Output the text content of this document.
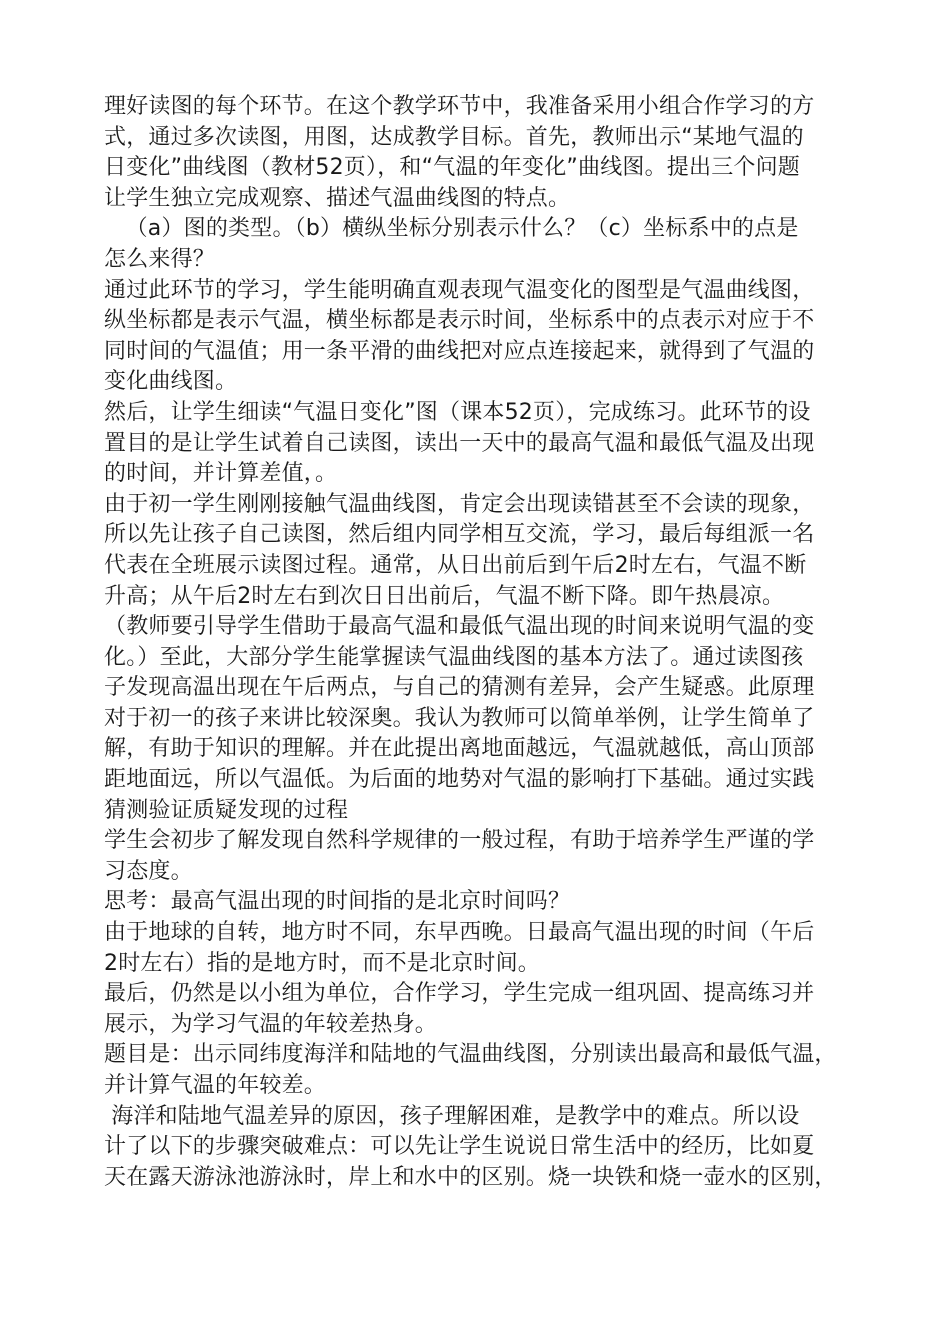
理好读图的每个环节。在这个教学环节中，我准备采用小组合作学习的方
式，通过多次读图，用图，达成教学目标。首先，教师出示“某地气温的
日变化”曲线图（教材52页），和“气温的年变化”曲线图。提出三个问题
让学生独立完成观察、描述气温曲线图的特点。
（a）图的类型。（b）横纵坐标分别表示什么？（c）坐标系中的点是
怎么来得？
通过此环节的学习，学生能明确直观表现气温变化的图型是气温曲线图，
纵坐标都是表示气温，横坐标都是表示时间，坐标系中的点表示对应于不
同时间的气温值；用一条平滑的曲线把对应点连接起来，就得到了气温的
变化曲线图。
然后，让学生细读“气温日变化”图（课本52页），完成练习。此环节的设
置目的是让学生试着自己读图，读出一天中的最高气温和最低气温及出现
的时间，并计算差值，。
由于初一学生刚刚接触气温曲线图，肯定会出现读错甚至不会读的现象，
所以先让孩子自己读图，然后组内同学相互交流，学习，最后每组派一名
代表在全班展示读图过程。通常，从日出前后到午后2时左右，气温不断
升高；从午后2时左右到次日日出前后，气温不断下降。即午热晨凉。
（教师要引导学生借助于最高气温和最低气温出现的时间来说明气温的变
化。）至此，大部分学生能掌握读气温曲线图的基本方法了。通过读图孩
子发现高温出现在午后两点，与自己的猜测有差异，会产生疑惑。此原理
对于初一的孩子来讲比较深奥。我认为教师可以简单举例，让学生简单了
解，有助于知识的理解。并在此提出离地面越远，气温就越低，高山顶部
距地面远，所以气温低。为后面的地势对气温的影响打下基础。通过实践
猜测验证质疑发现的过程
学生会初步了解发现自然科学规律的一般过程，有助于培养学生严谨的学
习态度。
思考：最高气温出现的时间指的是北京时间吗？
由于地球的自转，地方时不同，东早西晚。日最高气温出现的时间（午后
2时左右）指的是地方时，而不是北京时间。
最后，仍然是以小组为单位，合作学习，学生完成一组巩固、提高练习并
展示，为学习气温的年较差热身。
题目是：出示同纬度海洋和陆地的气温曲线图，分别读出最高和最低气温，
并计算气温的年较差。
海洋和陆地气温差异的原因，孩子理解困难，是教学中的难点。所以设
计了以下的步骤突破难点：可以先让学生说说日常生活中的经历，比如夏
天在露天游泳池游泳时，岸上和水中的区别。烧一块铁和烧一壶水的区别，
